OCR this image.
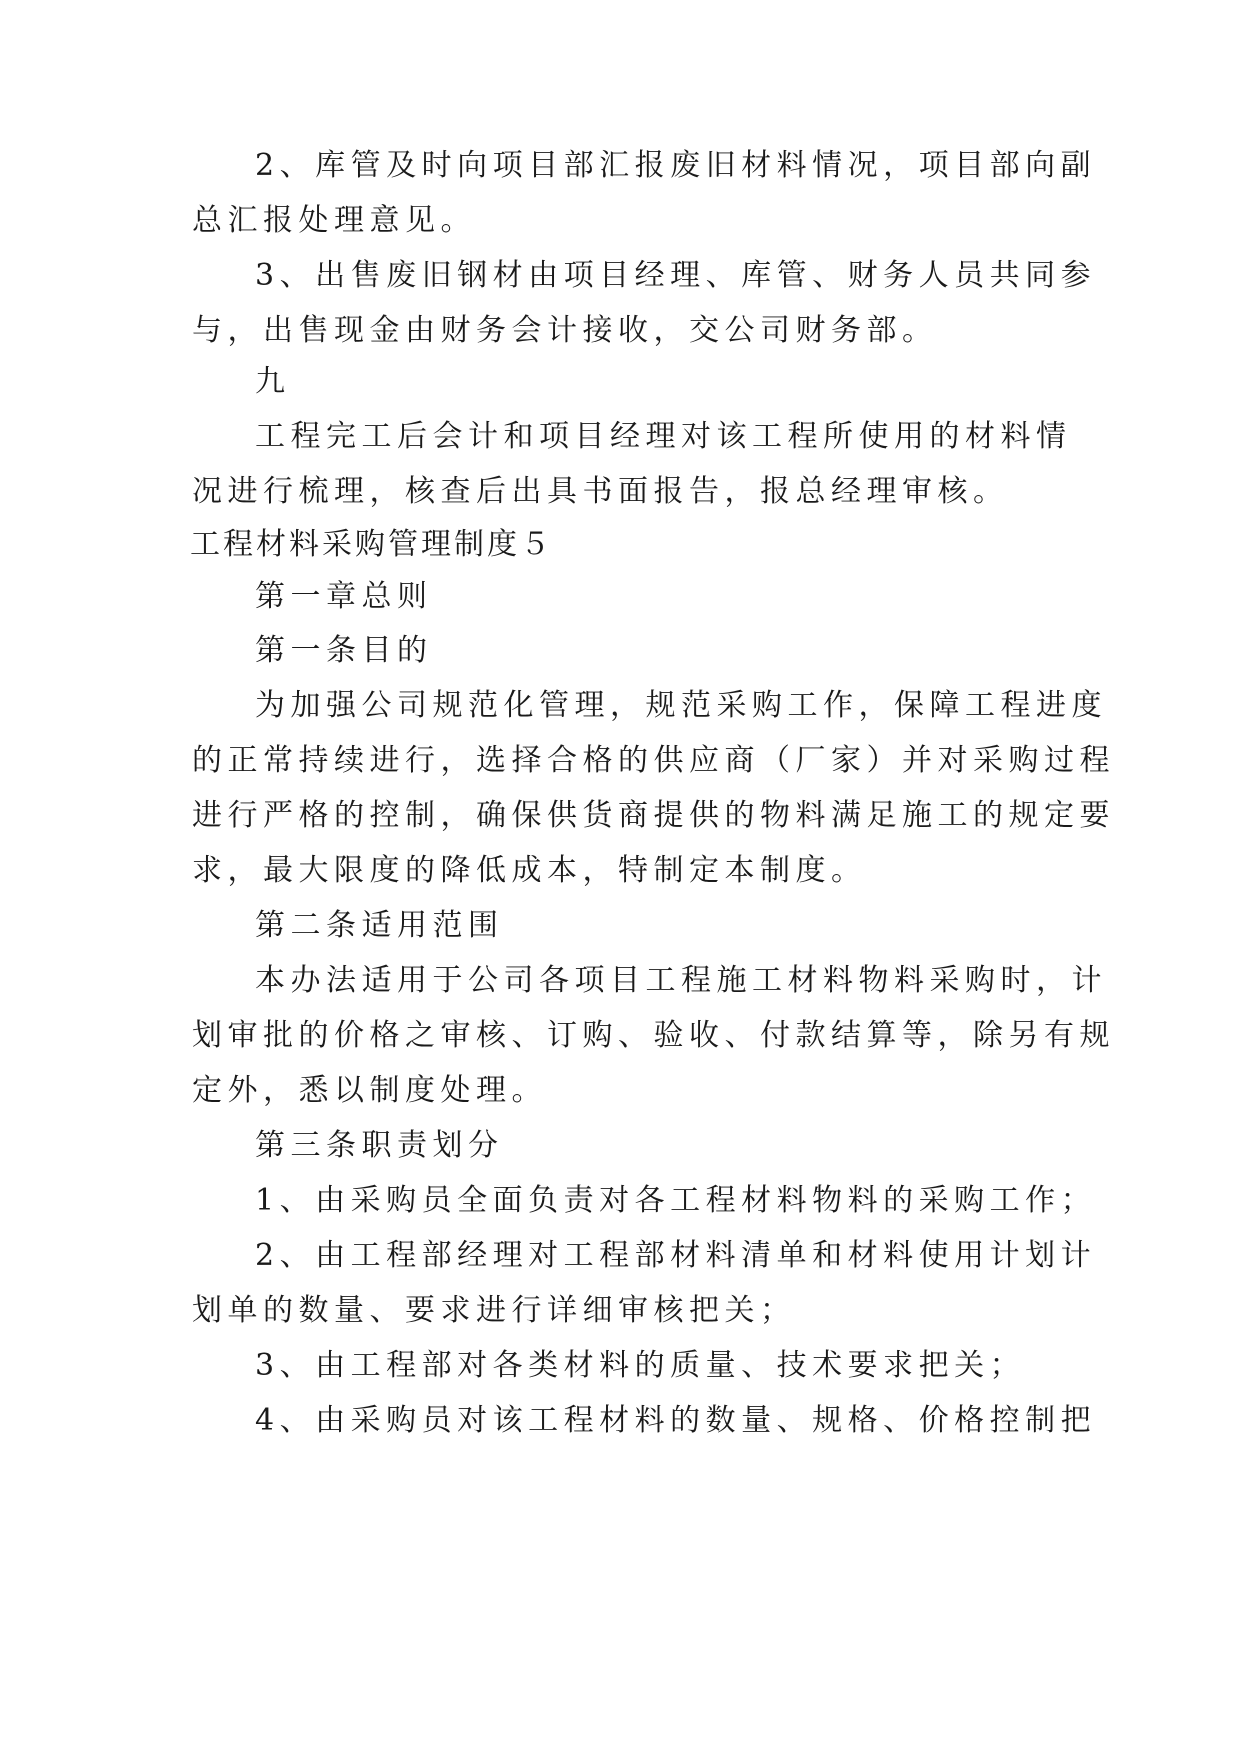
2、库管及时向项目部汇报废旧材料情况，项目部向副
总汇报处理意见。
3、出售废旧钢材由项目经理、库管、财务人员共同参
与，出售现金由财务会计接收，交公司财务部。
九
工程完工后会计和项目经理对该工程所使用的材料情
况进行梳理，核查后出具书面报告，报总经理审核。
工程材料采购管理制度５
第一章总则
第一条目的
为加强公司规范化管理，规范采购工作，保障工程进度
的正常持续进行，选择合格的供应商（厂家）并对采购过程
进行严格的控制，确保供货商提供的物料满足施工的规定要
求，最大限度的降低成本，特制定本制度。
第二条适用范围
本办法适用于公司各项目工程施工材料物料采购时，计
划审批的价格之审核、订购、验收、付款结算等，除另有规
定外，悉以制度处理。
第三条职责划分
1、由采购员全面负责对各工程材料物料的采购工作；
2、由工程部经理对工程部材料清单和材料使用计划计
划单的数量、要求进行详细审核把关；
3、由工程部对各类材料的质量、技术要求把关；
4、由采购员对该工程材料的数量、规格、价格控制把
